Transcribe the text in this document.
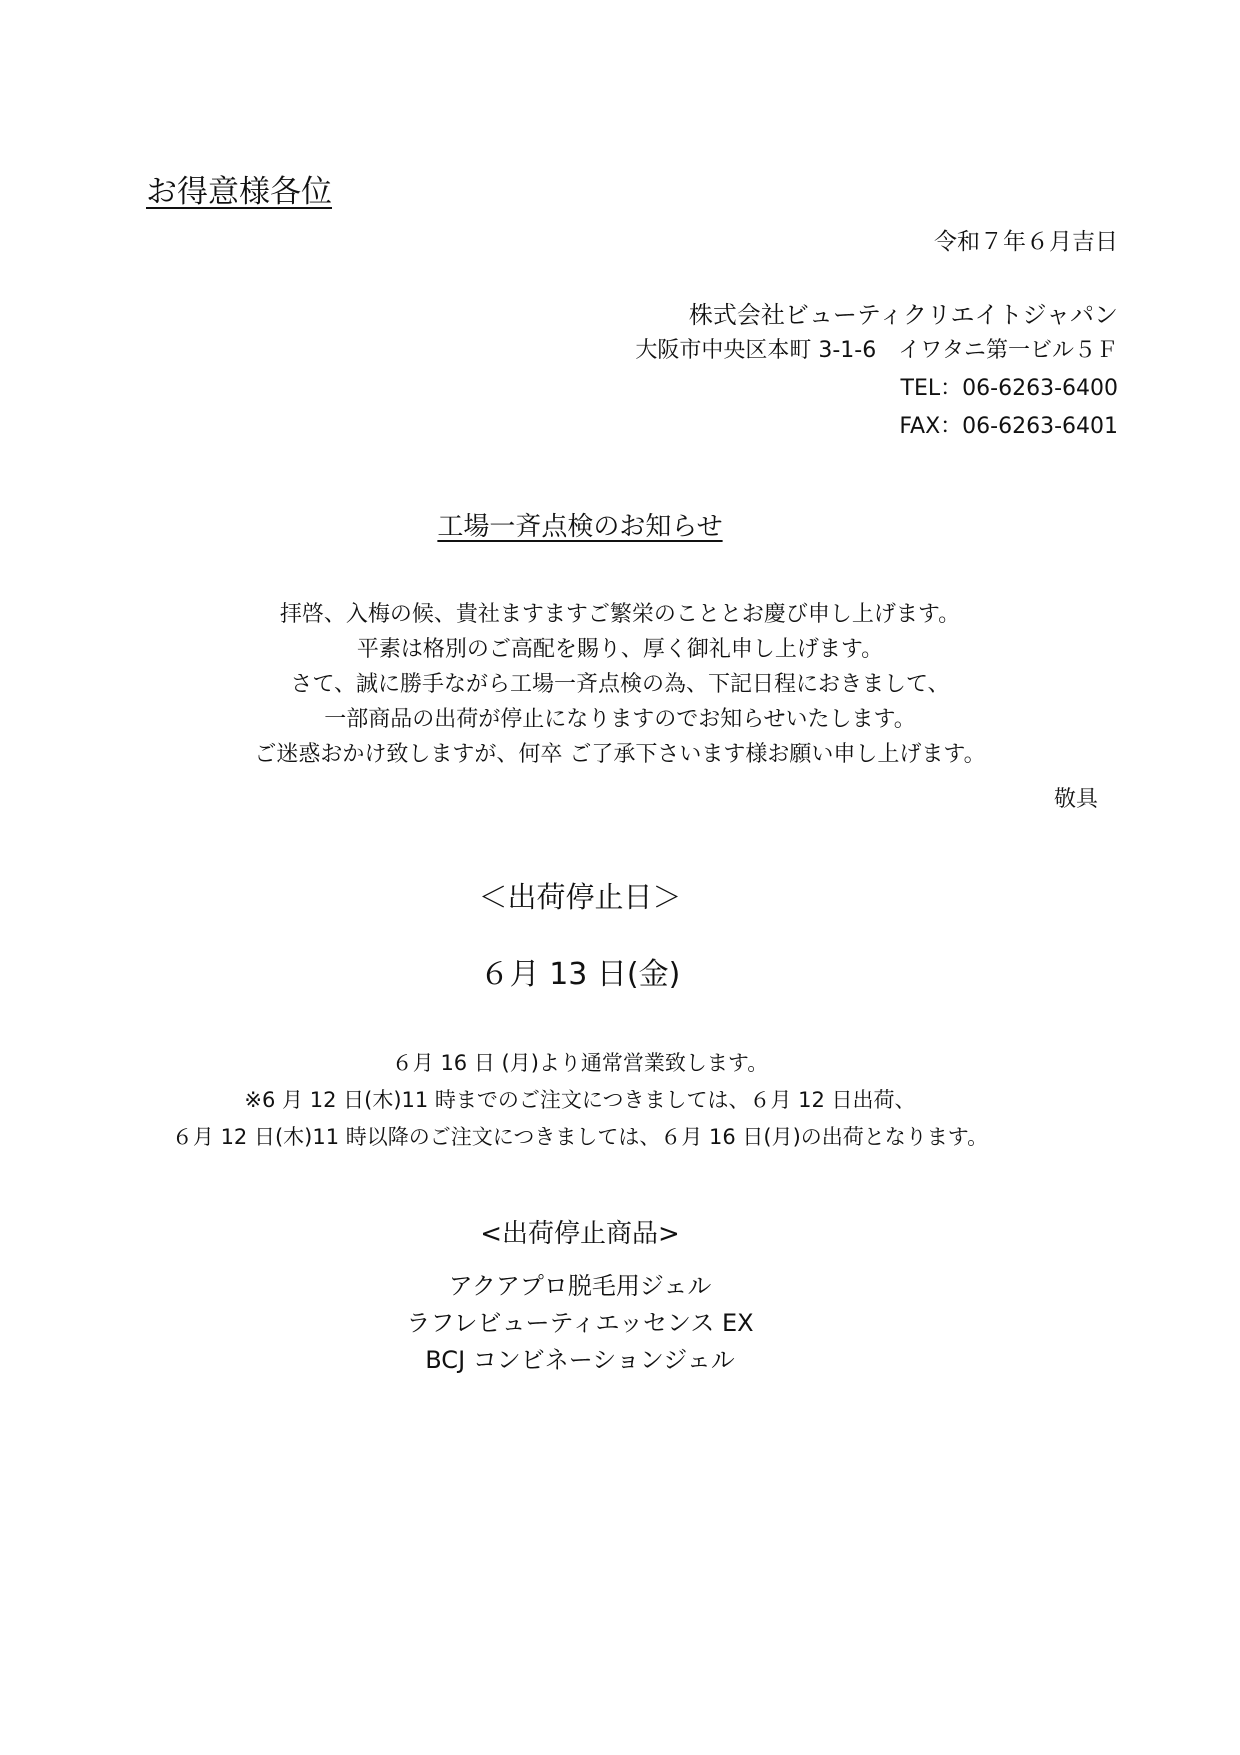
お得意様各位
令和７年６月吉日
株式会社ビューティクリエイトジャパン
大阪市中央区本町 3-1-6　イワタニ第一ビル５Ｆ
TEL：06-6263-6400
FAX：06-6263-6401
工場一斉点検のお知らせ
拝啓、入梅の候、貴社ますますご繁栄のこととお慶び申し上げます。
平素は格別のご高配を賜り、厚く御礼申し上げます。
さて、誠に勝手ながら工場一斉点検の為、下記日程におきまして、
一部商品の出荷が停止になりますのでお知らせいたします。
ご迷惑おかけ致しますが、何卒 ご了承下さいます様お願い申し上げます。
敬具
＜出荷停止日＞
６月 13 日(金)
６月 16 日 (月)より通常営業致します。
※6 月 12 日(木)11 時までのご注文につきましては、６月 12 日出荷、
６月 12 日(木)11 時以降のご注文につきましては、６月 16 日(月)の出荷となります。
<出荷停止商品>
アクアプロ脱毛用ジェル
ラフレビューティエッセンス EX
BCJ コンビネーションジェル
